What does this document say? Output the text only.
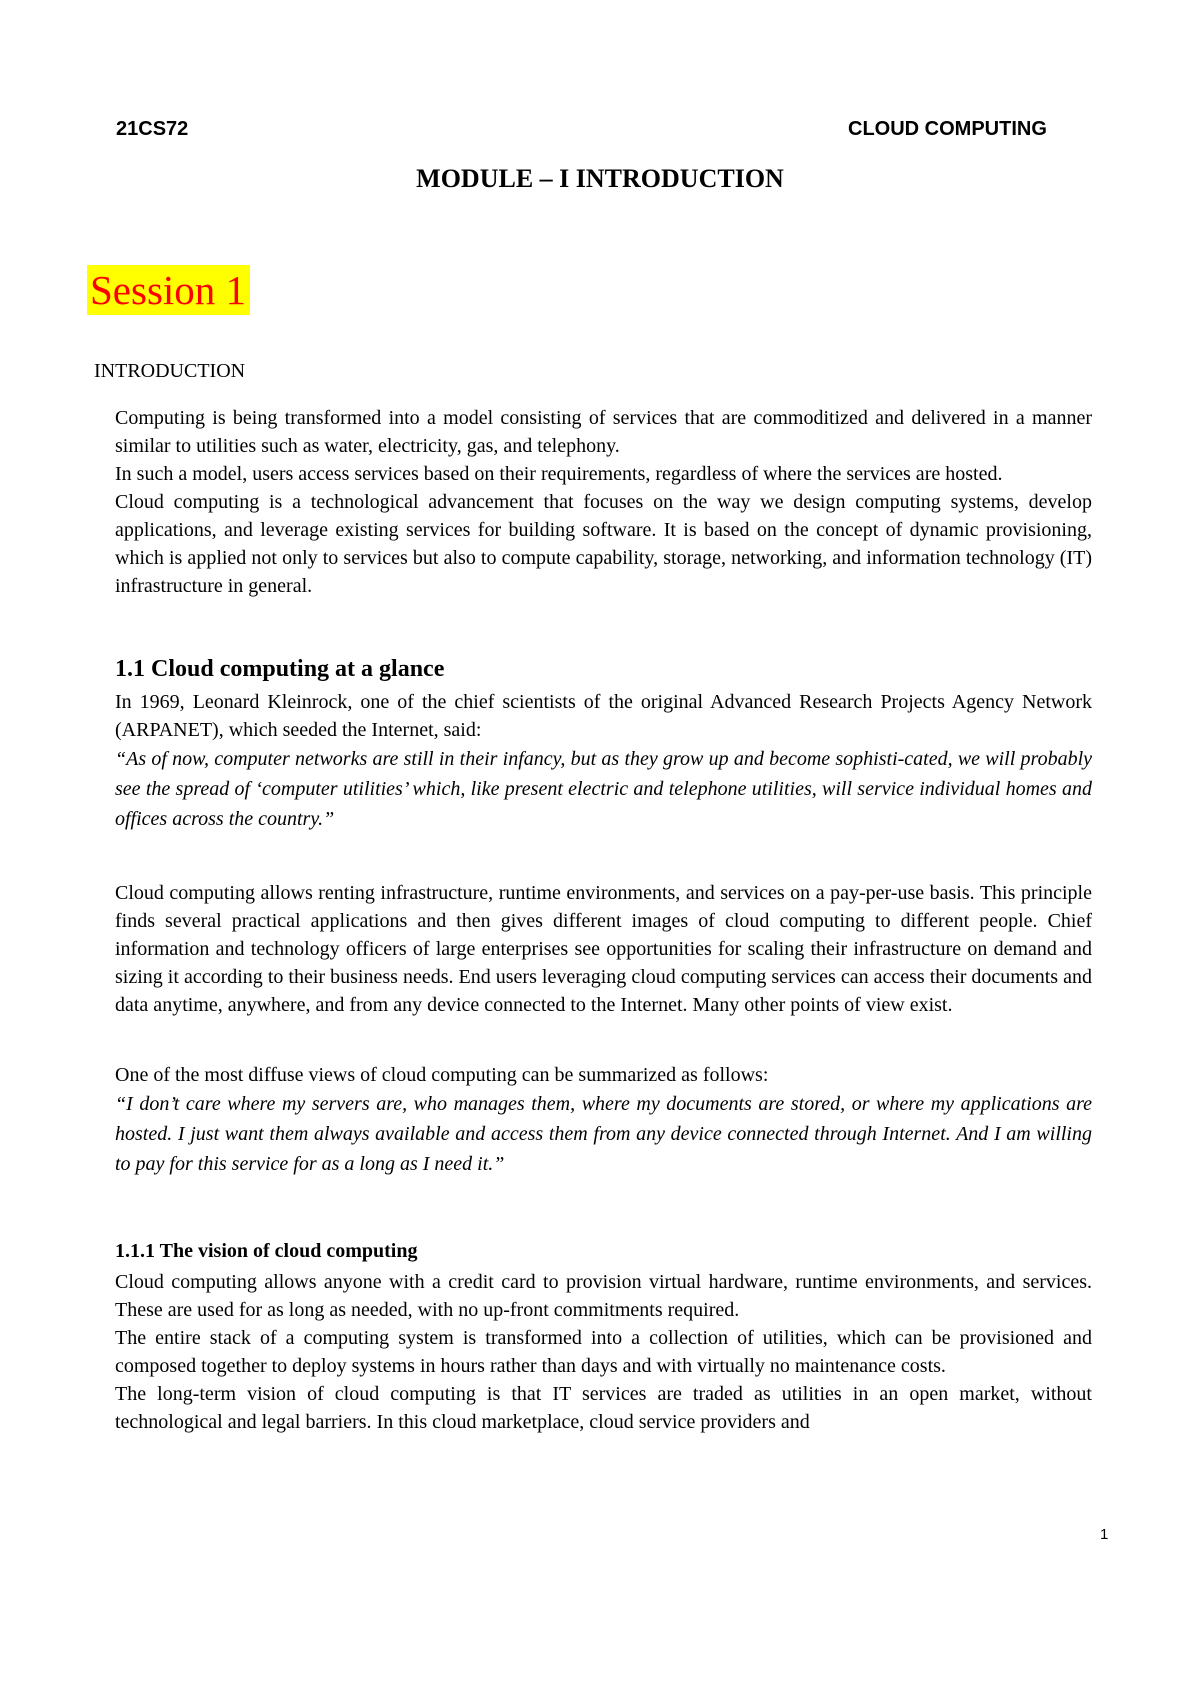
21CS72	CLOUD COMPUTING
MODULE – I INTRODUCTION
Session 1
INTRODUCTION

Computing is being transformed into a model consisting of services that are commoditized and delivered in a manner similar to utilities such as water, electricity, gas, and telephony.

In such a model, users access services based on their requirements, regardless of where the services are hosted.

Cloud computing is a technological advancement that focuses on the way we design computing systems, develop applications, and leverage existing services for building software. It is based on the concept of dynamic provisioning, which is applied not only to services but also to compute capability, storage, networking, and information technology (IT) infrastructure in general.

1.1 Cloud computing at a glance

In 1969, Leonard Kleinrock, one of the chief scientists of the original Advanced Research Projects Agency Network (ARPANET), which seeded the Internet, said:

“As of now, computer networks are still in their infancy, but as they grow up and become sophisti-cated, we will probably see the spread of ‘computer utilities’ which, like present electric and telephone utilities, will service individual homes and offices across the country.”

Cloud computing allows renting infrastructure, runtime environments, and services on a pay-per-use basis. This principle finds several practical applications and then gives different images of cloud computing to different people. Chief information and technology officers of large enterprises see opportunities for scaling their infrastructure on demand and sizing it according to their business needs. End users leveraging cloud computing services can access their documents and data anytime, anywhere, and from any device connected to the Internet. Many other points of view exist.

One of the most diffuse views of cloud computing can be summarized as follows:

“I don’t care where my servers are, who manages them, where my documents are stored, or where my applications are hosted. I just want them always available and access them from any device connected through Internet. And I am willing to pay for this service for as a long as I need it.”

1.1.1 The vision of cloud computing

Cloud computing allows anyone with a credit card to provision virtual hardware, runtime environments, and services. These are used for as long as needed, with no up-front commitments required.

The entire stack of a computing system is transformed into a collection of utilities, which can be provisioned and composed together to deploy systems in hours rather than days and with virtually no maintenance costs.

The long-term vision of cloud computing is that IT services are traded as utilities in an open market, without technological and legal barriers. In this cloud marketplace, cloud service providers and

1
